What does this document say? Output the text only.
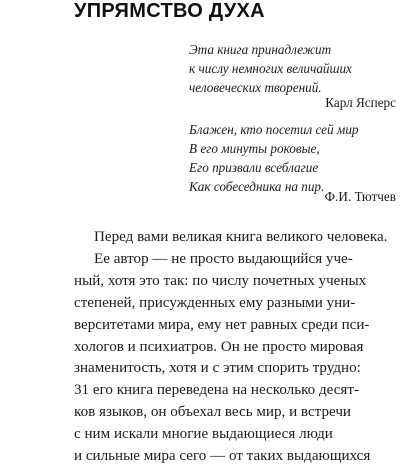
УПРЯМСТВО ДУХА
Эта книга принадлежит
к числу немногих величайших
человеческих творений.
Карл Ясперс
Блажен, кто посетил сей мир
В его минуты роковые,
Его призвали всеблагие
Как собеседника на пир.
Ф.И. Тютчев
Перед вами великая книга великого человека.
Ее автор — не просто выдающийся уче-
ный, хотя это так: по числу почетных ученых
степеней, присужденных ему разными уни-
верситетами мира, ему нет равных среди пси-
хологов и психиатров. Он не просто мировая
знаменитость, хотя и с этим спорить трудно:
31 его книга переведена на несколько десят-
ков языков, он объехал весь мир, и встречи
с ним искали многие выдающиеся люди
и сильные мира сего — от таких выдающихся
